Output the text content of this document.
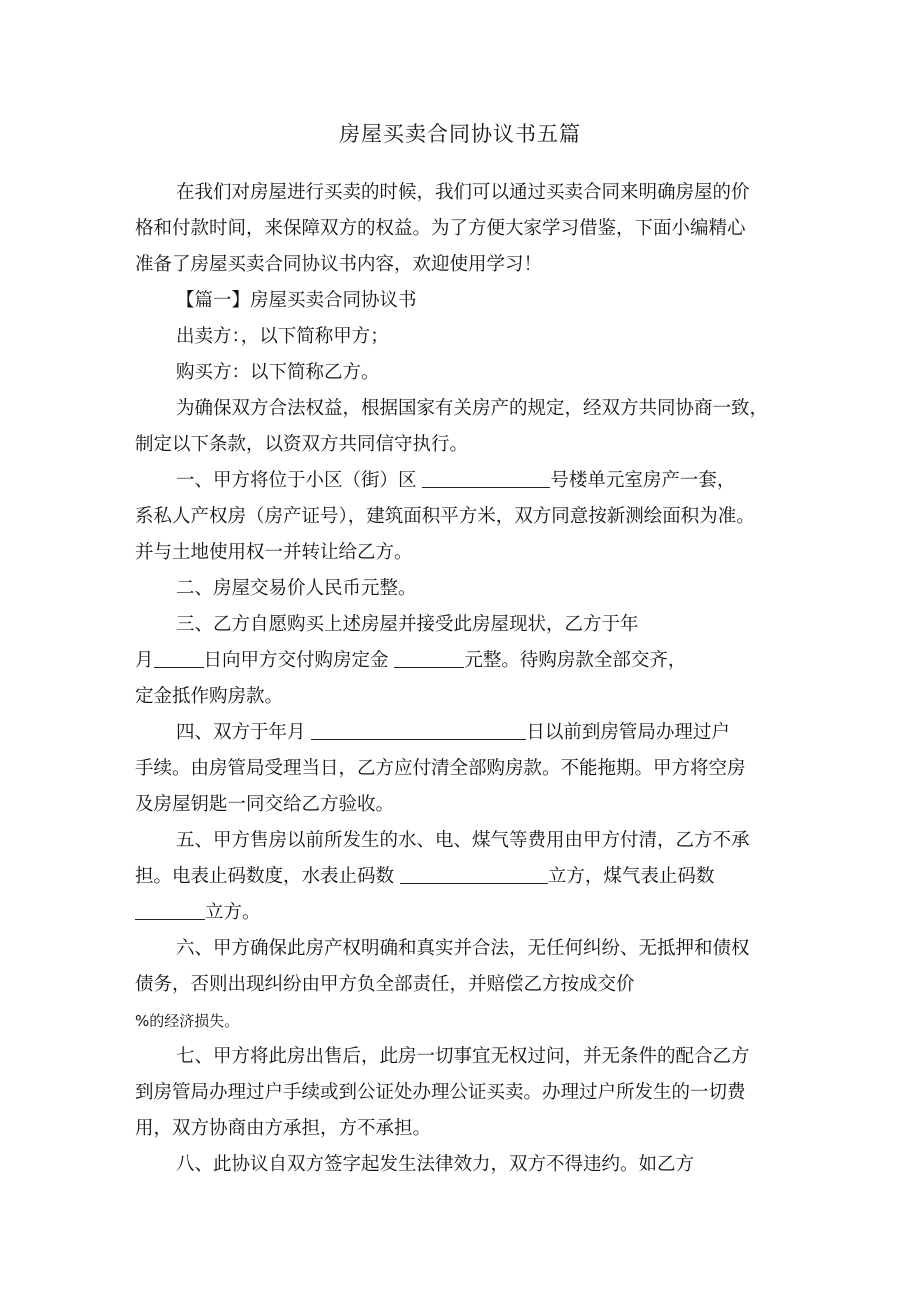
房屋买卖合同协议书五篇
在我们对房屋进行买卖的时候，我们可以通过买卖合同来明确房屋的价
格和付款时间，来保障双方的权益。为了方便大家学习借鉴，下面小编精心
准备了房屋买卖合同协议书内容，欢迎使用学习！
【篇一】房屋买卖合同协议书
出卖方：，以下简称甲方；
购买方：以下简称乙方。
为确保双方合法权益，根据国家有关房产的规定，经双方共同协商一致，
制定以下条款，以资双方共同信守执行。
一、甲方将位于小区（街）区	号楼单元室房产一套，
系私人产权房（房产证号），建筑面积平方米，双方同意按新测绘面积为准。
并与土地使用权一并转让给乙方。
二、房屋交易价人民币元整。
三、乙方自愿购买上述房屋并接受此房屋现状，乙方于年
月	日向甲方交付购房定金	元整。待购房款全部交齐，
定金抵作购房款。
四、双方于年月	日以前到房管局办理过户
手续。由房管局受理当日，乙方应付清全部购房款。不能拖期。甲方将空房
及房屋钥匙一同交给乙方验收。
五、甲方售房以前所发生的水、电、煤气等费用由甲方付清，乙方不承
担。电表止码数度，水表止码数	立方，煤气表止码数
立方。
六、甲方确保此房产权明确和真实并合法，无任何纠纷、无抵押和债权
债务，否则出现纠纷由甲方负全部责任，并赔偿乙方按成交价
%的经济损失。
七、甲方将此房出售后，此房一切事宜无权过问，并无条件的配合乙方
到房管局办理过户手续或到公证处办理公证买卖。办理过户所发生的一切费
用，双方协商由方承担，方不承担。
八、此协议自双方签字起发生法律效力，双方不得违约。如乙方
